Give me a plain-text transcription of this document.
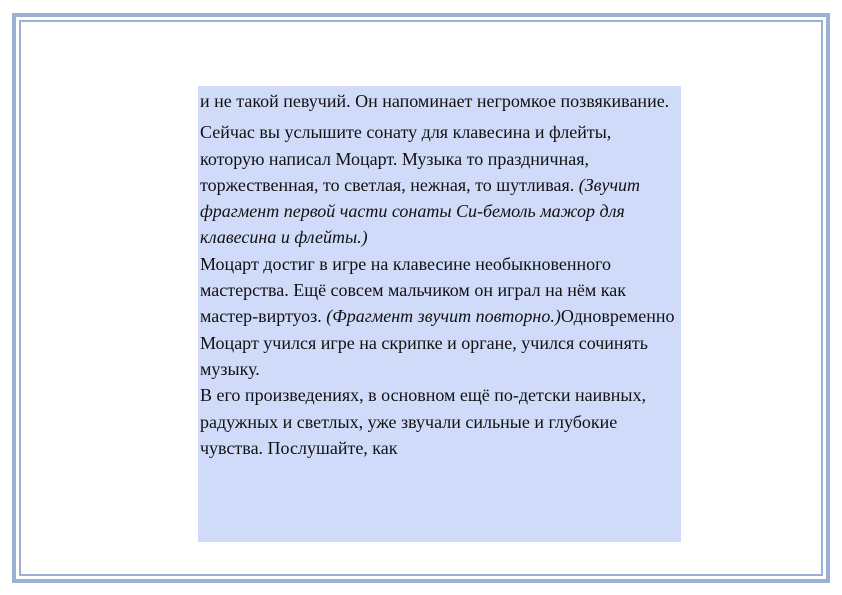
и не такой певучий. Он напоминает негромкое позвякивание.

Сейчас вы услышите сонату для клавесина и флейты, которую написал Моцарт. Музыка то праздничная, торжественная, то светлая, нежная, то шутливая. (Звучит фрагмент первой части сонаты Си-бемоль мажор для клавесина и флейты.)

Моцарт достиг в игре на клавесине необыкновенного мастерства. Ещё совсем мальчиком он играл на нём как мастер-виртуоз. (Фрагмент звучит повторно.)Одновременно Моцарт учился игре на скрипке и органе, учился сочинять музыку.

В его произведениях, в основном ещё по-детски наивных, радужных и светлых, уже звучали сильные и глубокие чувства. Послушайте, как
